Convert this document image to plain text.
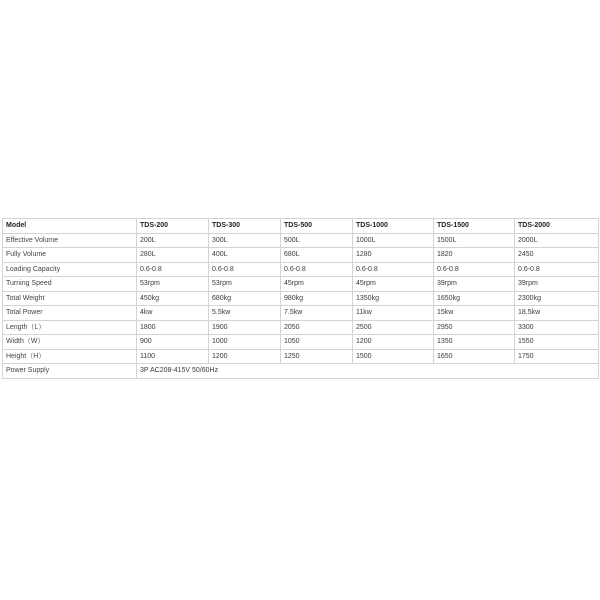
Model	TDS-200	TDS-300	TDS-500	TDS-1000	TDS-1500	TDS-2000
Effective Volume	200L	300L	500L	1000L	1500L	2000L
Fully Volume	280L	400L	680L	1280	1820	2450
Loading Capacity	0.6-0.8	0.6-0.8	0.6-0.8	0.6-0.8	0.6-0.8	0.6-0.8
Turning Speed	53rpm	53rpm	45rpm	45rpm	39rpm	39rpm
Total Weight	450kg	680kg	980kg	1350kg	1650kg	2300kg
Total Power	4kw	5.5kw	7.5kw	11kw	15kw	18.5kw
Length（L）	1800	1900	2050	2500	2950	3300
Width（W）	900	1000	1050	1200	1350	1550
Height（H）	1100	1200	1250	1500	1650	1750
Power Supply	3P AC208-415V 50/60Hz					
